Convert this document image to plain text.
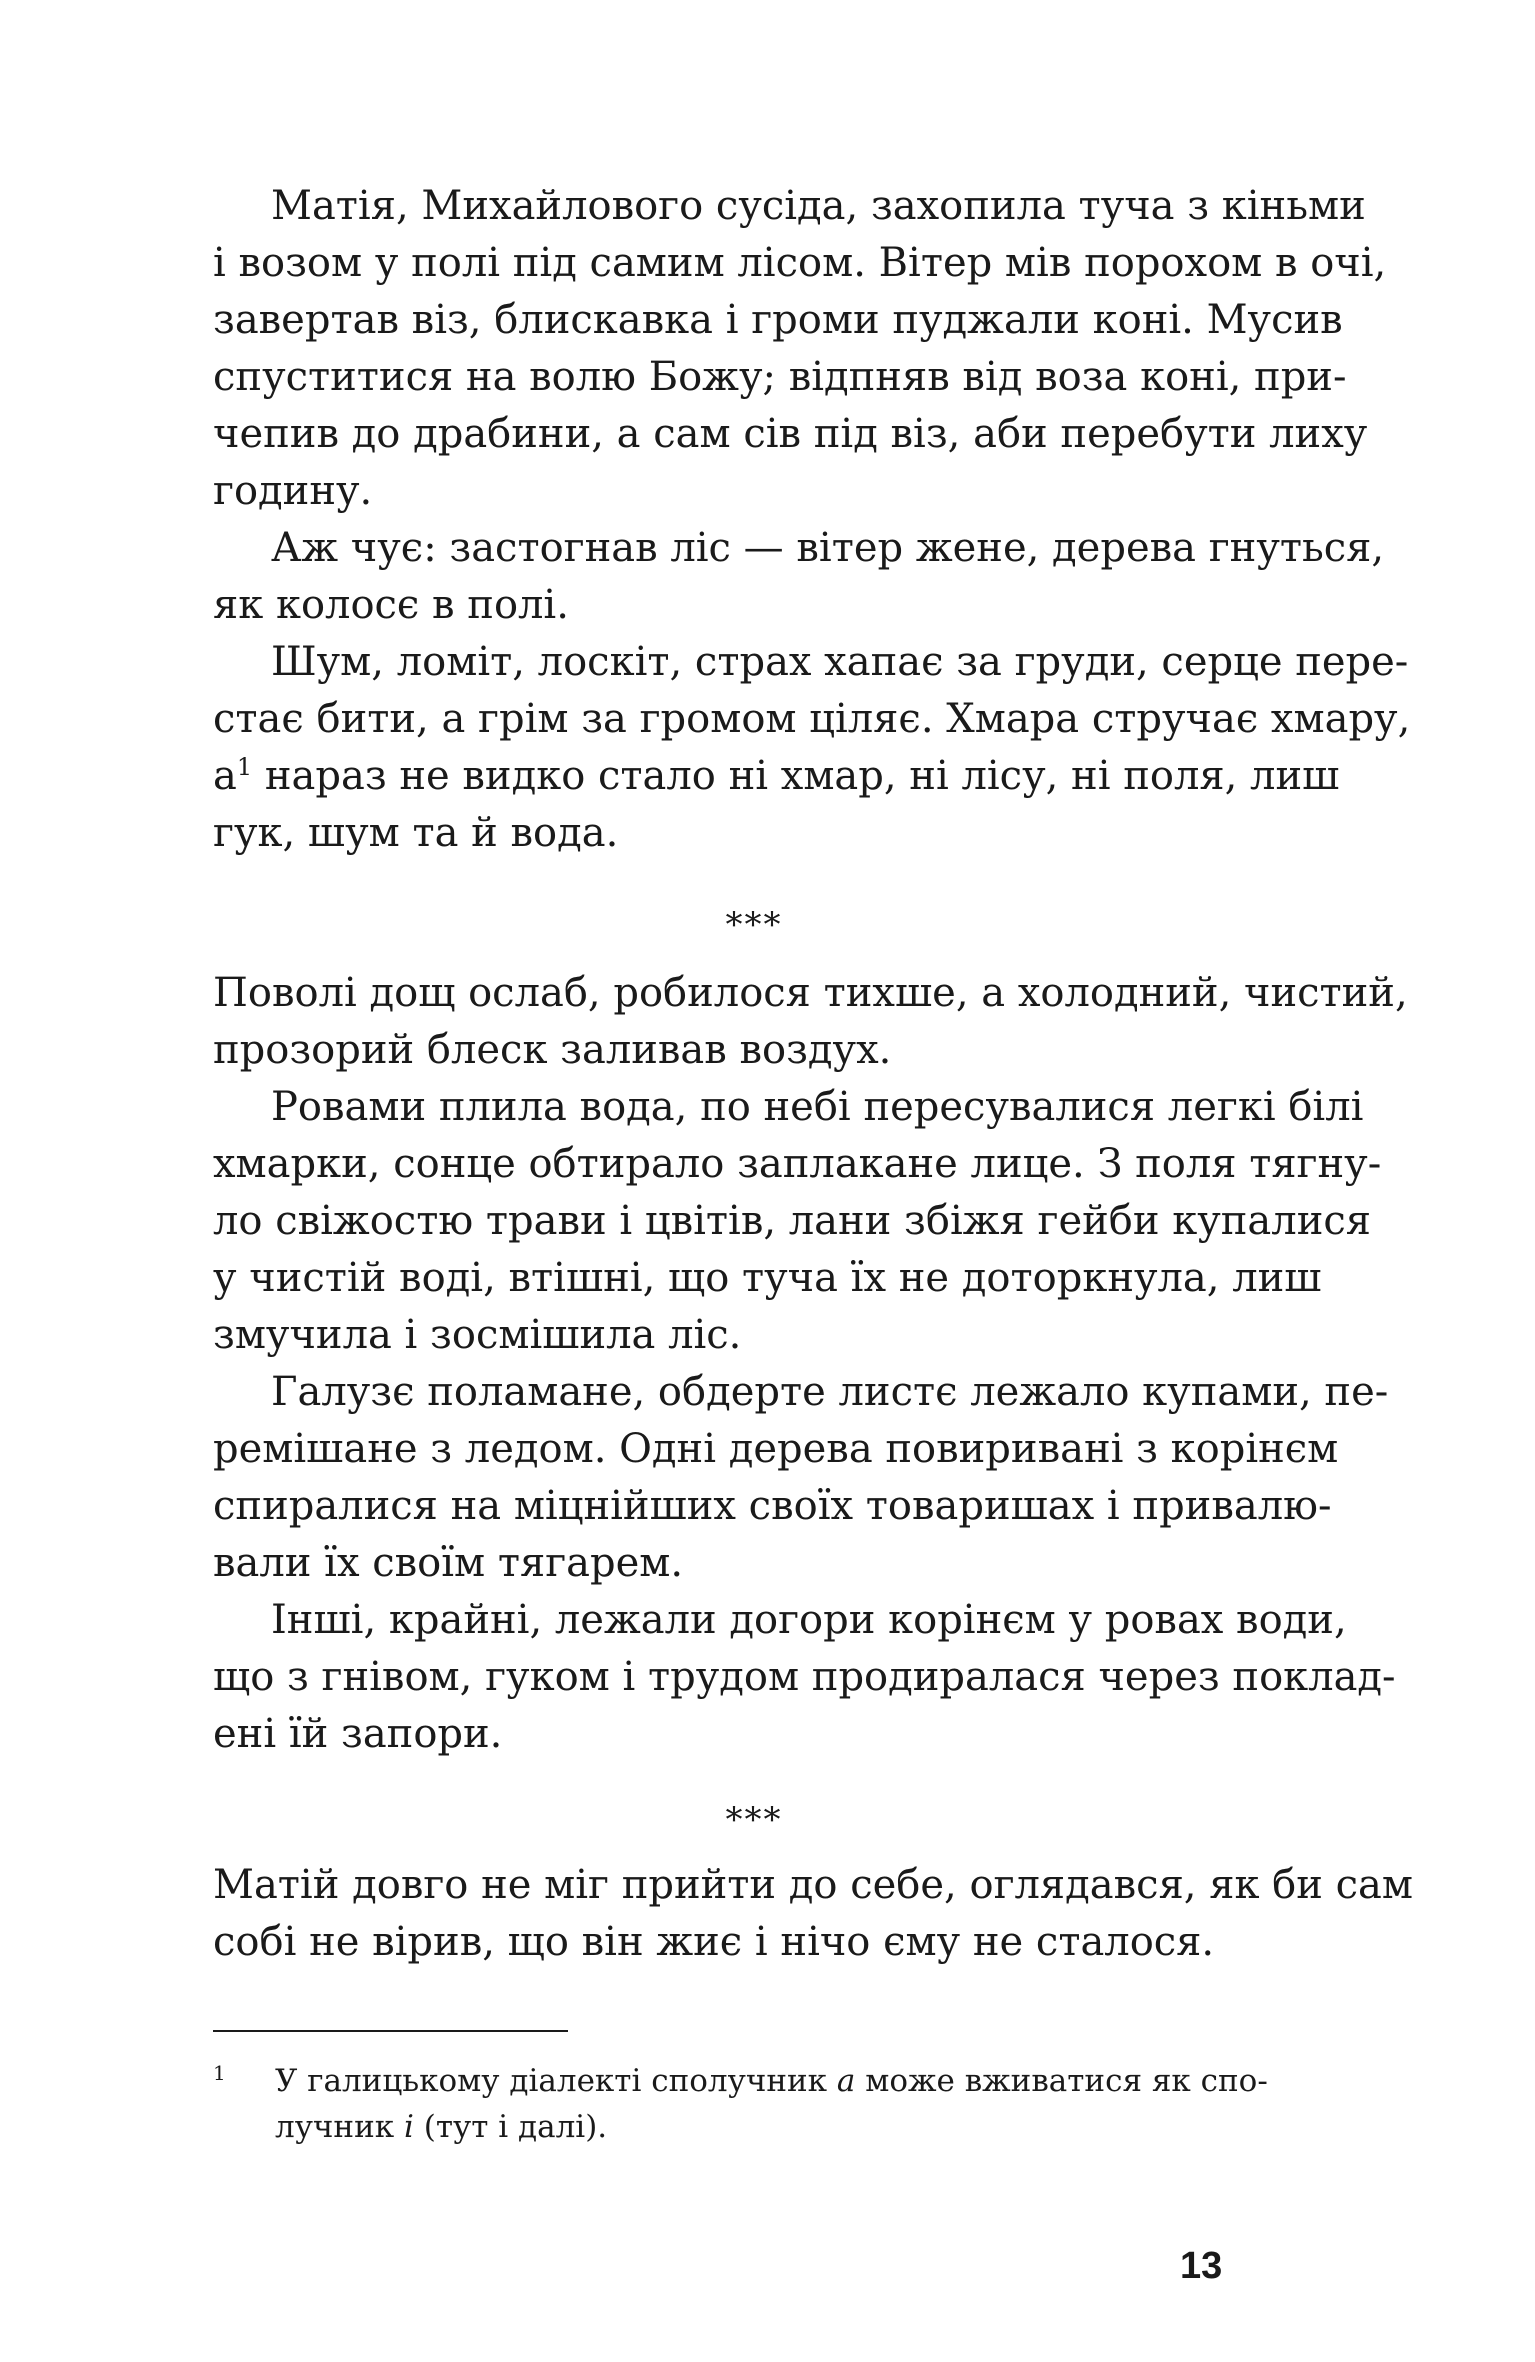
Матія, Михайлового сусіда, захопила туча з кіньми
і возом у полі під самим лісом. Вітер мів порохом в очі,
завертав віз, блискавка і громи пуджали коні. Мусив
спуститися на волю Божу; відпняв від воза коні, при-
чепив до драбини, а сам сів під віз, аби перебути лиху
годину.
Аж чує: застогнав ліс — вітер жене, дерева гнуться,
як колосє в полі.
Шум, ломіт, лоскіт, страх хапає за груди, серце пере-
стає бити, а грім за громом ціляє. Хмара стручає хмару,
$а^1$ нараз не видко стало ні хмар, ні лісу, ні поля, лиш
гук, шум та й вода.
***
Поволі дощ ослаб, робилося тихше, а холодний, чистий,
прозорий блеск заливав воздух.
Ровами плила вода, по небі пересувалися легкі білі
хмарки, сонце обтирало заплакане лице. З поля тягну-
ло свіжостю трави і цвітів, лани збіжя гейби купалися
у чистій воді, втішні, що туча їх не доторкнула, лиш
змучила і зосмішила ліс.
Галузє поламане, обдерте листє лежало купами, пе-
ремішане з ледом. Одні дерева повиривані з корінєм
спиралися на міцнійших своїх товаришах і привалю-
вали їх своїм тягарем.
Інші, крайні, лежали догори корінєм у ровах води,
що з гнівом, гуком і трудом продиралася через поклад-
ені їй запори.
***
Матій довго не міг прийти до себе, оглядався, як би сам
собі не вірив, що він жиє і нічо єму не сталося.
1 У галицькому діалекті сполучник а може вживатися як спо-
лучник і (тут і далі).
13
